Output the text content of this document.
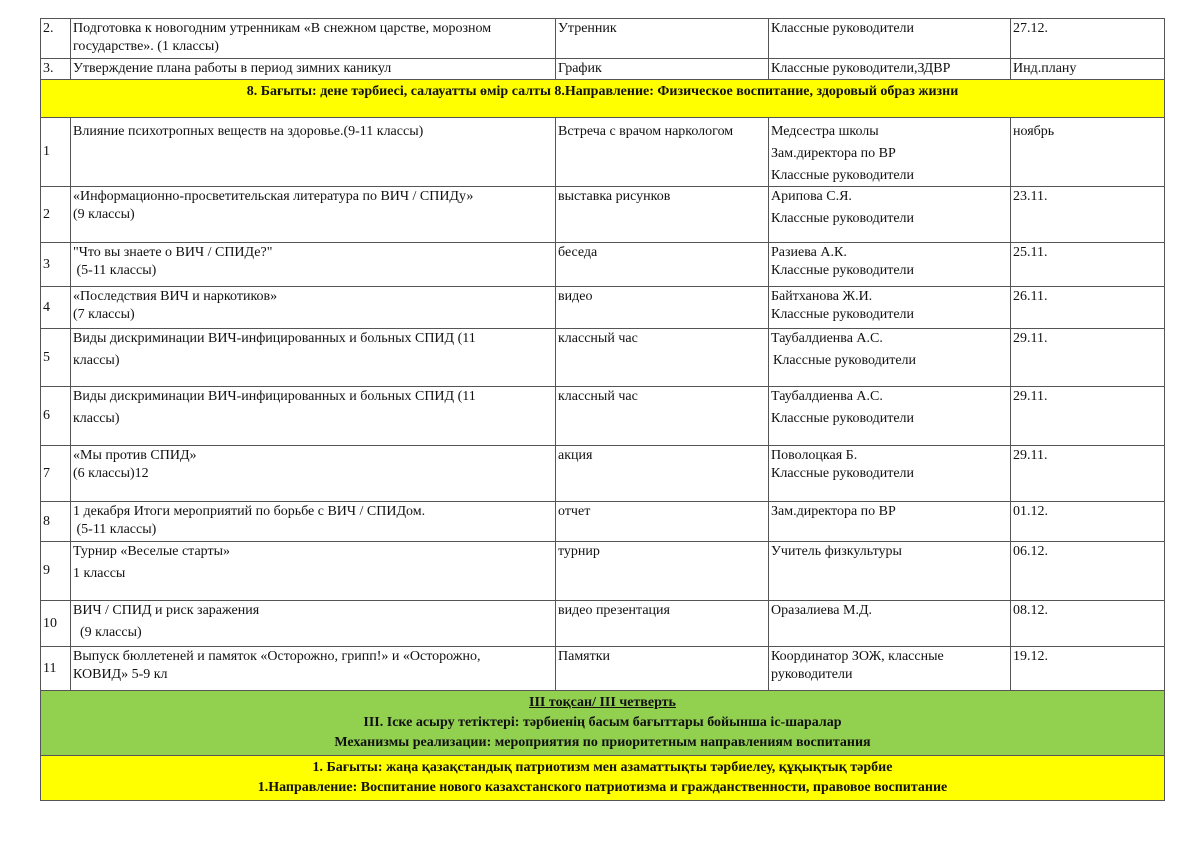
2.	Подготовка к новогодним утренникам «В снежном царстве, морозном
государстве». (1 классы)	Утренник	Классные руководители	27.12.
3.	Утверждение плана работы в период зимних каникул	График	Классные руководители,ЗДВР	Инд.плану
8. Бағыты: дене тәрбиесі, салауатты өмір салты 8.Направление: Физическое воспитание, здоровый образ жизни				
1	Влияние психотропных веществ на здоровье.(9-11 классы)	Встреча с врачом наркологом	Медсестра школы
Зам.директора по ВР
Классные руководители	ноябрь

2	«Информационно-просветительская литература по ВИЧ / СПИДу»
(9 классы)	выставка рисунков	Арипова С.Я.
Классные руководители	23.11.
3	"Что вы знаете о ВИЧ / СПИДе?"
(5-11 классы)	беседа	Разиева А.К.
Классные руководители	25.11.
4	«Последствия ВИЧ и наркотиков»
(7 классы)	видео	Байтханова Ж.И.
Классные руководители	26.11.
5	Виды дискриминации ВИЧ-инфицированных и больных СПИД (11
классы)	классный час	Таубалдиенва А.С.
Классные руководители	29.11.
6	Виды дискриминации ВИЧ-инфицированных и больных СПИД (11
классы)	классный час	Таубалдиенва А.С.
Классные руководители	29.11.
7	«Мы против СПИД»
(6 классы)12	акция	Поволоцкая Б.
Классные руководители	29.11.
8	1 декабря Итоги мероприятий по борьбе с ВИЧ / СПИДом.
(5-11 классы)	отчет	Зам.директора по ВР	01.12.
9	Турнир «Веселые старты»
1 классы	турнир	Учитель физкультуры	06.12.
10	ВИЧ / СПИД и риск заражения
(9 классы)	видео презентация	Оразалиева М.Д.	08.12.
11	Выпуск бюллетеней и памяток «Осторожно, грипп!» и «Осторожно,
КОВИД» 5-9 кл	Памятки	Координатор ЗОЖ, классные
руководители	19.12.

III тоқсан/ III четверть
III. Іске асыру тетіктері: тәрбиенің басым бағыттары бойынша іс-шаралар
Механизмы реализации: мероприятия по приоритетным направлениям воспитания				

1. Бағыты: жаңа қазақстандық патриотизм мен азаматтықты тәрбиелеу, құқықтық тәрбие
1.Направление: Воспитание нового казахстанского патриотизма и гражданственности, правовое воспитание				
